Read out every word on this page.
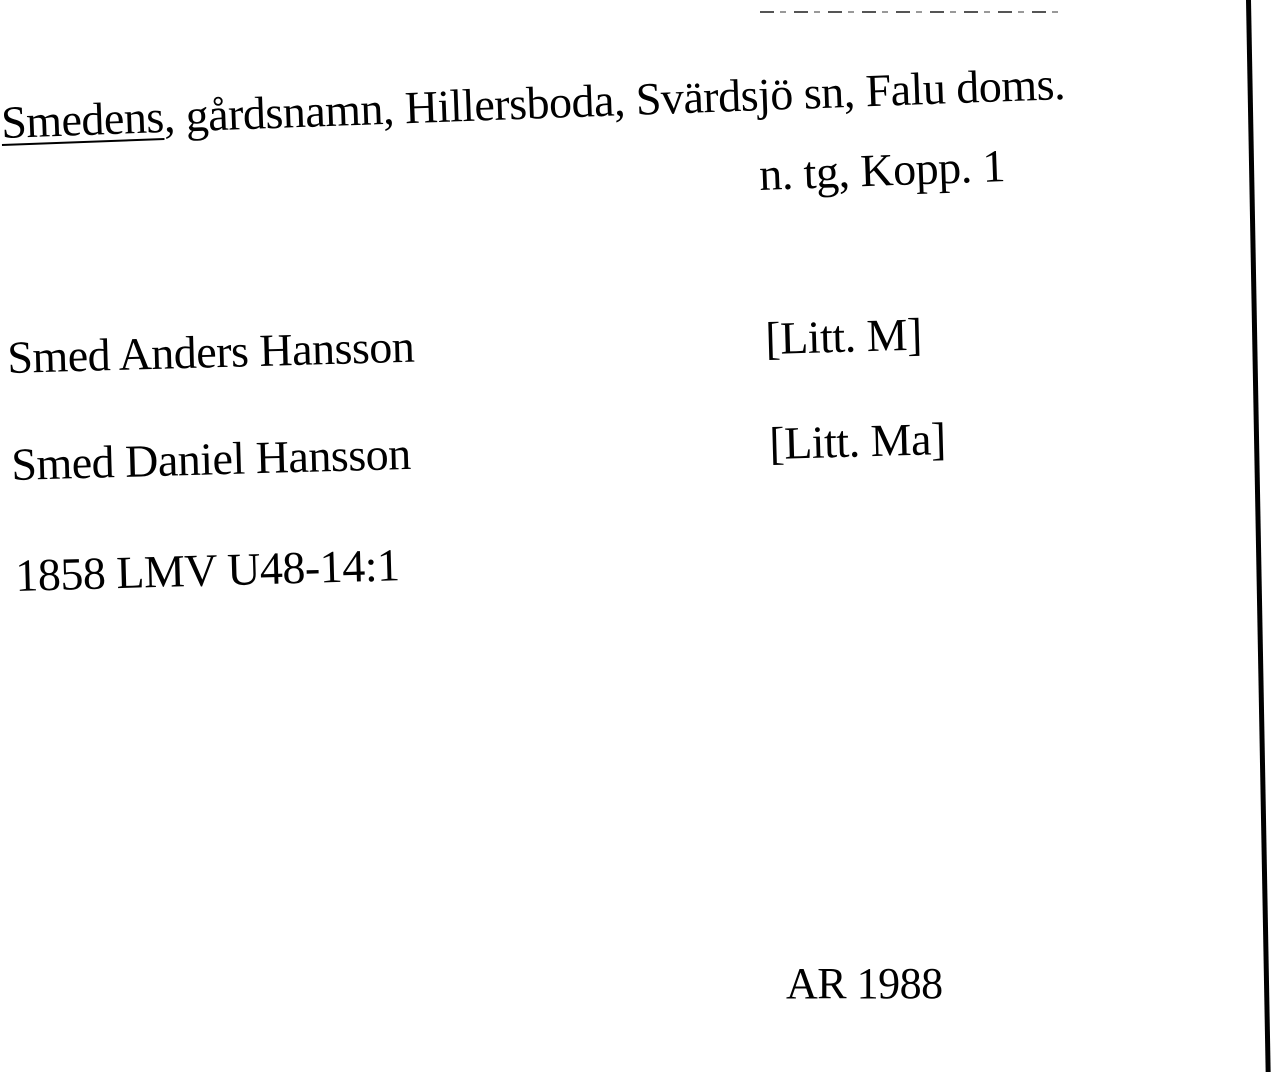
Smedens, gårdsnamn, Hillersboda, Svärdsjö sn, Falu doms.
n. tg, Kopp. 1
Smed Anders Hansson	[Litt. M]
Smed Daniel Hansson	[Litt. Ma]
1858 LMV U48-14:1
AR 1988
